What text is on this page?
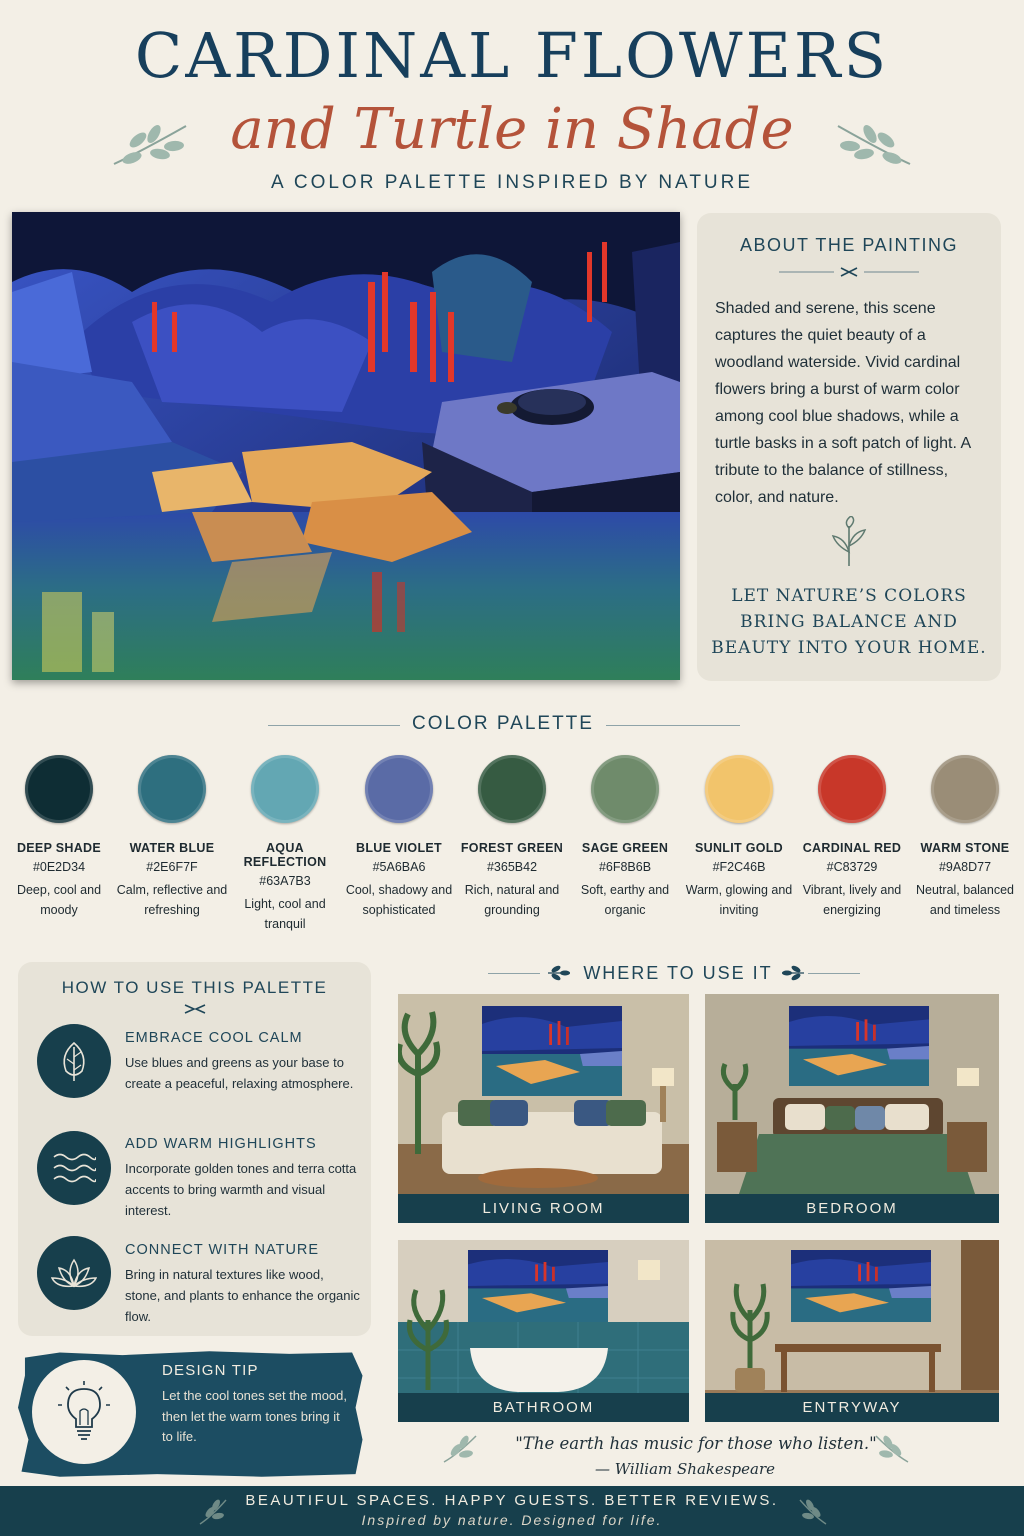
CARDINAL FLOWERS
and Turtle in Shade
A COLOR PALETTE INSPIRED BY NATURE
ABOUT THE PAINTING
Shaded and serene, this scene captures the quiet beauty of a woodland waterside. Vivid cardinal flowers bring a burst of warm color among cool blue shadows, while a turtle basks in a soft patch of light. A tribute to the balance of stillness, color, and nature.
LET NATURE’S COLORS BRING BALANCE AND BEAUTY INTO YOUR HOME.
COLOR PALETTE
DEEP SHADE
#0E2D34
Deep, cool and moody
WATER BLUE
#2E6F7F
Calm, reflective and refreshing
AQUA REFLECTION
#63A7B3
Light, cool and tranquil
BLUE VIOLET
#5A6BA6
Cool, shadowy and sophisticated
FOREST GREEN
#365B42
Rich, natural and grounding
SAGE GREEN
#6F8B6B
Soft, earthy and organic
SUNLIT GOLD
#F2C46B
Warm, glowing and inviting
CARDINAL RED
#C83729
Vibrant, lively and energizing
WARM STONE
#9A8D77
Neutral, balanced and timeless
HOW TO USE THIS PALETTE
EMBRACE COOL CALM
Use blues and greens as your base to create a peaceful, relaxing atmosphere.
ADD WARM HIGHLIGHTS
Incorporate golden tones and terra cotta accents to bring warmth and visual interest.
CONNECT WITH NATURE
Bring in natural textures like wood, stone, and plants to enhance the organic flow.
DESIGN TIP
Let the cool tones set the mood, then let the warm tones bring it to life.
WHERE TO USE IT
LIVING ROOM	BEDROOM
BATHROOM	ENTRYWAY
"The earth has music for those who listen."
— William Shakespeare
BEAUTIFUL SPACES. HAPPY GUESTS. BETTER REVIEWS.
Inspired by nature. Designed for life.
